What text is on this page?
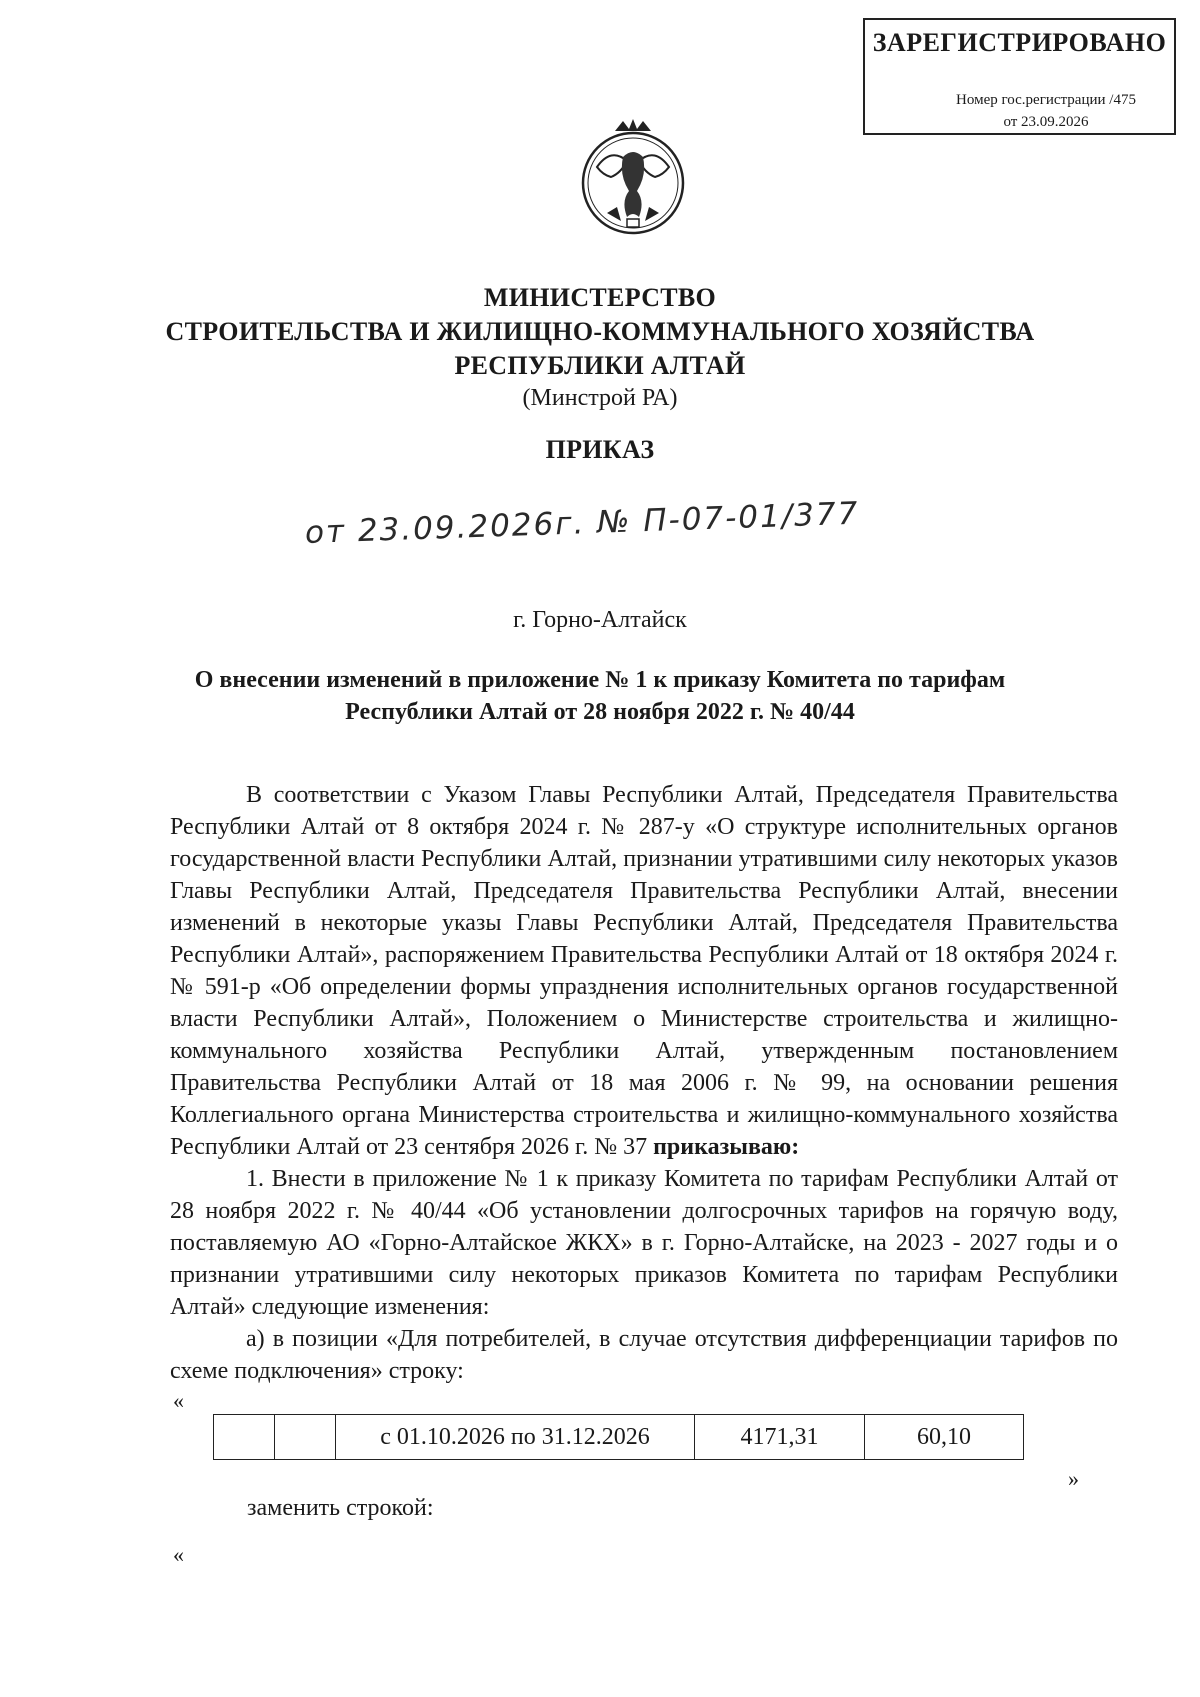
ЗАРЕГИСТРИРОВАНО
Номер гос.регистрации /475
от 23.09.2026
МИНИСТЕРСТВО
СТРОИТЕЛЬСТВА И ЖИЛИЩНО-КОММУНАЛЬНОГО ХОЗЯЙСТВА
РЕСПУБЛИКИ АЛТАЙ
(Минстрой РА)
ПРИКАЗ
от 23.09.2026г. № П-07-01/377
г. Горно-Алтайск
О внесении изменений в приложение № 1 к приказу Комитета по тарифам
Республики Алтай от 28 ноября 2022 г. № 40/44

В соответствии с Указом Главы Республики Алтай, Председателя Правительства Республики Алтай от 8 октября 2024 г. № 287-у «О структуре исполнительных органов государственной власти Республики Алтай, признании утратившими силу некоторых указов Главы Республики Алтай, Председателя Правительства Республики Алтай, внесении изменений в некоторые указы Главы Республики Алтай, Председателя Правительства Республики Алтай», распоряжением Правительства Республики Алтай от 18 октября 2024 г. № 591-р «Об определении формы упразднения исполнительных органов государственной власти Республики Алтай», Положением о Министерстве строительства и жилищно-коммунального хозяйства Республики Алтай, утвержденным постановлением Правительства Республики Алтай от 18 мая 2006 г. № 99, на основании решения Коллегиального органа Министерства строительства и жилищно-коммунального хозяйства Республики Алтай от 23 сентября 2026 г. № 37 приказываю:

1. Внести в приложение № 1 к приказу Комитета по тарифам Республики Алтай от 28 ноября 2022 г. № 40/44 «Об установлении долгосрочных тарифов на горячую воду, поставляемую АО «Горно-Алтайское ЖКХ» в г. Горно-Алтайске, на 2023 - 2027 годы и о признании утратившими силу некоторых приказов Комитета по тарифам Республики Алтай» следующие изменения:

а) в позиции «Для потребителей, в случае отсутствия дифференциации тарифов по схеме подключения» строку:

«
		с 01.10.2026 по 31.12.2026	4171,31	60,10
»
заменить строкой:
«
